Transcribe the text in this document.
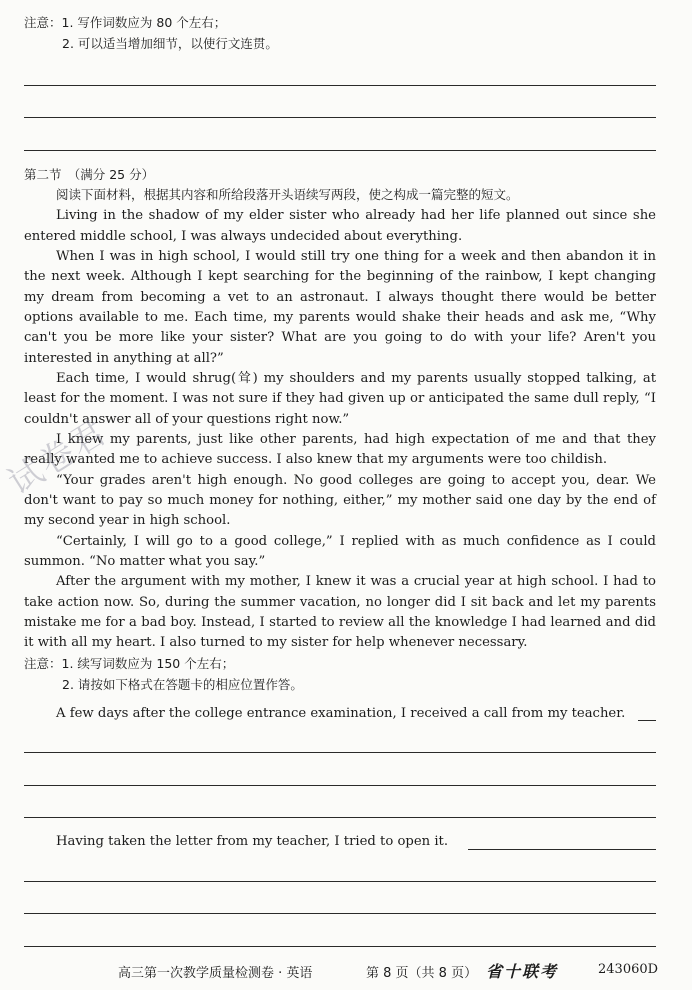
注意：1. 写作词数应为 80 个左右；
2. 可以适当增加细节，以使行文连贯。
第二节　（满分 25 分）
阅读下面材料，根据其内容和所给段落开头语续写两段，使之构成一篇完整的短文。
Living in the shadow of my elder sister who already had her life planned out since she
entered middle school, I was always undecided about everything.
When I was in high school, I would still try one thing for a week and then abandon it in
the next week. Although I kept searching for the beginning of the rainbow, I kept changing
my dream from becoming a vet to an astronaut. I always thought there would be better
options available to me. Each time, my parents would shake their heads and ask me, “Why
can't you be more like your sister? What are you going to do with your life? Aren't you
interested in anything at all?”
Each time, I would shrug(耸) my shoulders and my parents usually stopped talking, at
least for the moment. I was not sure if they had given up or anticipated the same dull reply, “I
couldn't answer all of your questions right now.”
I knew my parents, just like other parents, had high expectation of me and that they
really wanted me to achieve success. I also knew that my arguments were too childish.
“Your grades aren't high enough. No good colleges are going to accept you, dear. We
don't want to pay so much money for nothing, either,” my mother said one day by the end of
my second year in high school.
“Certainly, I will go to a good college,” I replied with as much confidence as I could
summon. “No matter what you say.”
After the argument with my mother, I knew it was a crucial year at high school. I had to
take action now. So, during the summer vacation, no longer did I sit back and let my parents
mistake me for a bad boy. Instead, I started to review all the knowledge I had learned and did
it with all my heart. I also turned to my sister for help whenever necessary.
注意：1. 续写词数应为 150 个左右；
2. 请按如下格式在答题卡的相应位置作答。
A few days after the college entrance examination, I received a call from my teacher.
Having taken the letter from my teacher, I tried to open it.
试卷君
高三第一次教学质量检测卷 · 英语	第 8 页（共 8 页） 省十联考	243060D
